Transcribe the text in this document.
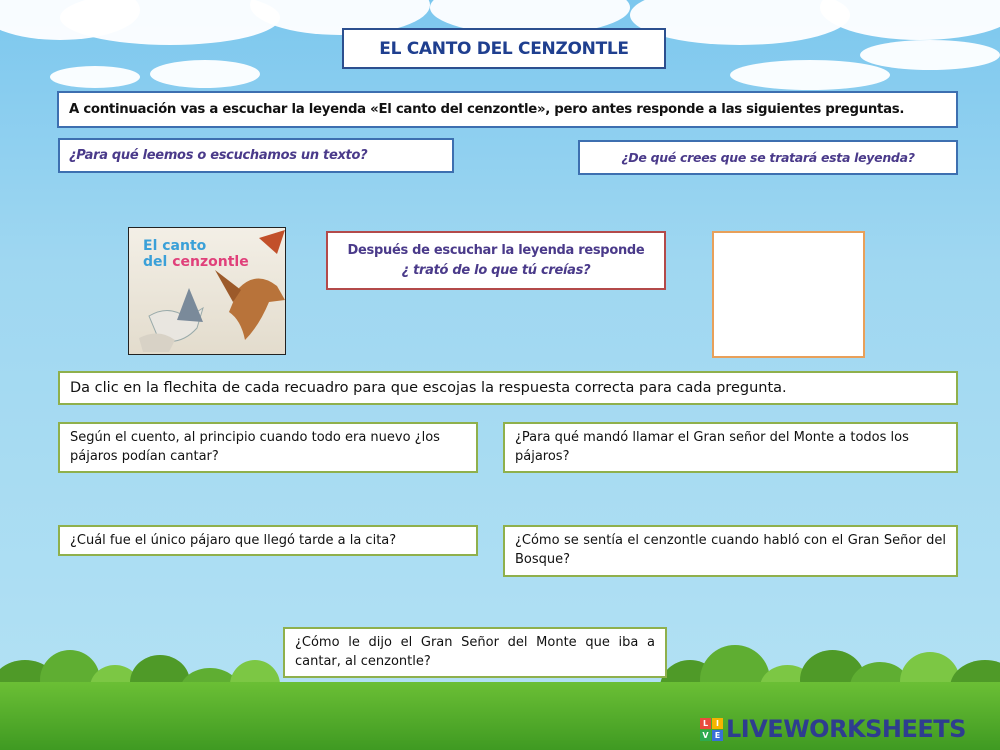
EL CANTO DEL CENZONTLE
A continuación vas a escuchar la leyenda «El canto del cenzontle», pero antes responde a las siguientes preguntas.
¿Para qué leemos o escuchamos un texto?	¿De qué crees que se tratará esta leyenda?
El canto
del cenzontle
Después de escuchar la leyenda responde
¿ trató de lo que tú creías?
Da clic en la flechita de cada recuadro para que escojas la respuesta correcta para cada pregunta.
Según el cuento, al principio cuando todo era nuevo ¿los pájaros podían cantar?
¿Para qué mandó llamar el Gran señor del Monte a todos los pájaros?
¿Cuál fue el único pájaro que llegó tarde a la cita?	¿Cómo se sentía el cenzontle cuando habló con el Gran Señor del Bosque?
¿Cómo le dijo el Gran Señor del Monte que iba a cantar, al cenzontle?
L I
V E LIVEWORKSHEETS
